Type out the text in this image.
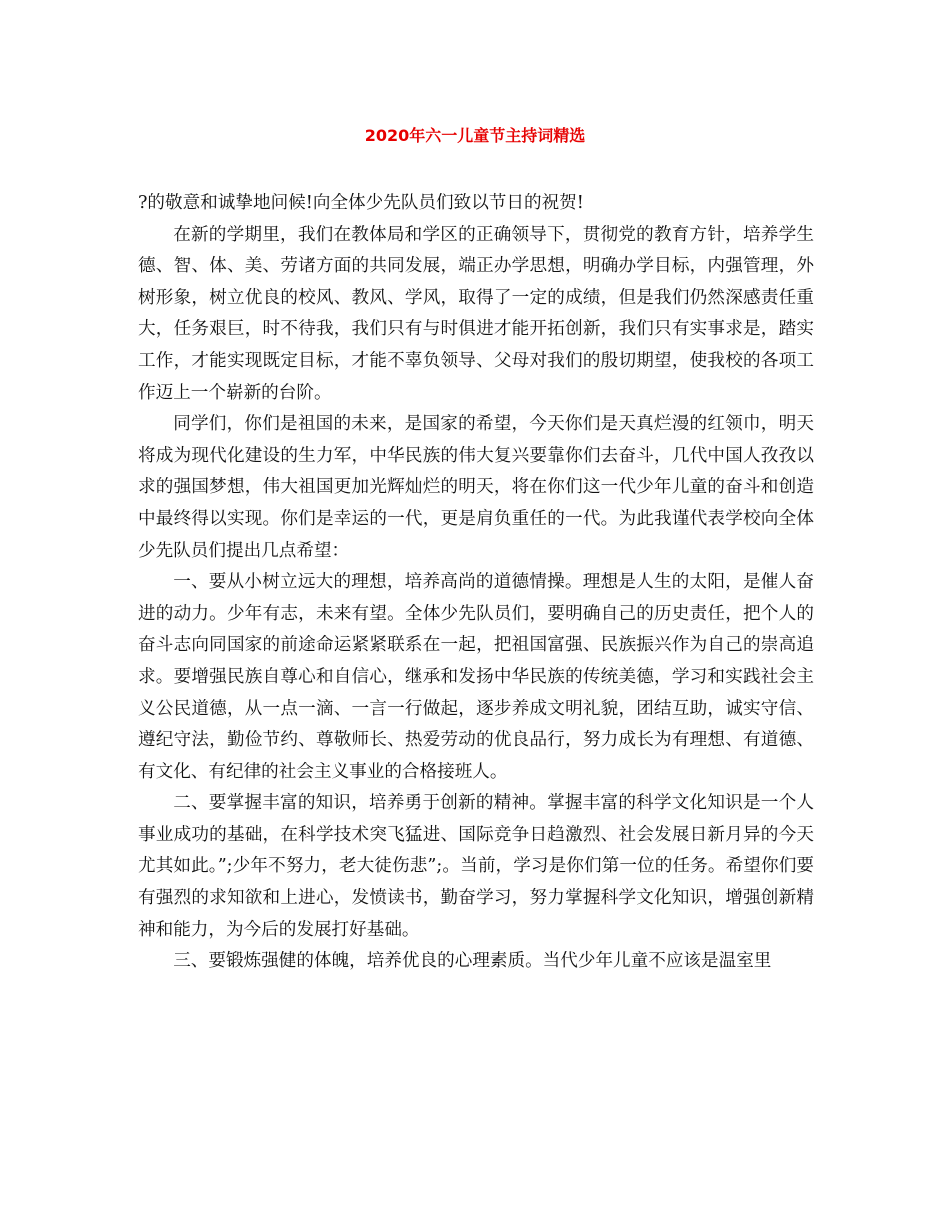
2020年六一儿童节主持词精选

?的敬意和诚挚地问候!向全体少先队员们致以节日的祝贺!

在新的学期里，我们在教体局和学区的正确领导下，贯彻党的教育方针，培养学生德、智、体、美、劳诸方面的共同发展，端正办学思想，明确办学目标，内强管理，外树形象，树立优良的校风、教风、学风，取得了一定的成绩，但是我们仍然深感责任重大，任务艰巨，时不待我，我们只有与时俱进才能开拓创新，我们只有实事求是，踏实工作，才能实现既定目标，才能不辜负领导、父母对我们的殷切期望，使我校的各项工作迈上一个崭新的台阶。

同学们，你们是祖国的未来，是国家的希望，今天你们是天真烂漫的红领巾，明天将成为现代化建设的生力军，中华民族的伟大复兴要靠你们去奋斗，几代中国人孜孜以求的强国梦想，伟大祖国更加光辉灿烂的明天，将在你们这一代少年儿童的奋斗和创造中最终得以实现。你们是幸运的一代，更是肩负重任的一代。为此我谨代表学校向全体少先队员们提出几点希望：

一、要从小树立远大的理想，培养高尚的道德情操。理想是人生的太阳，是催人奋进的动力。少年有志，未来有望。全体少先队员们，要明确自己的历史责任，把个人的奋斗志向同国家的前途命运紧紧联系在一起，把祖国富强、民族振兴作为自己的崇高追求。要增强民族自尊心和自信心，继承和发扬中华民族的传统美德，学习和实践社会主义公民道德，从一点一滴、一言一行做起，逐步养成文明礼貌，团结互助，诚实守信、遵纪守法，勤俭节约、尊敬师长、热爱劳动的优良品行，努力成长为有理想、有道德、有文化、有纪律的社会主义事业的合格接班人。

二、要掌握丰富的知识，培养勇于创新的精神。掌握丰富的科学文化知识是一个人事业成功的基础，在科学技术突飞猛进、国际竞争日趋激烈、社会发展日新月异的今天尤其如此。”;少年不努力，老大徒伤悲”;。当前，学习是你们第一位的任务。希望你们要有强烈的求知欲和上进心，发愤读书，勤奋学习，努力掌握科学文化知识，增强创新精神和能力，为今后的发展打好基础。

三、要锻炼强健的体魄，培养优良的心理素质。当代少年儿童不应该是温室里
